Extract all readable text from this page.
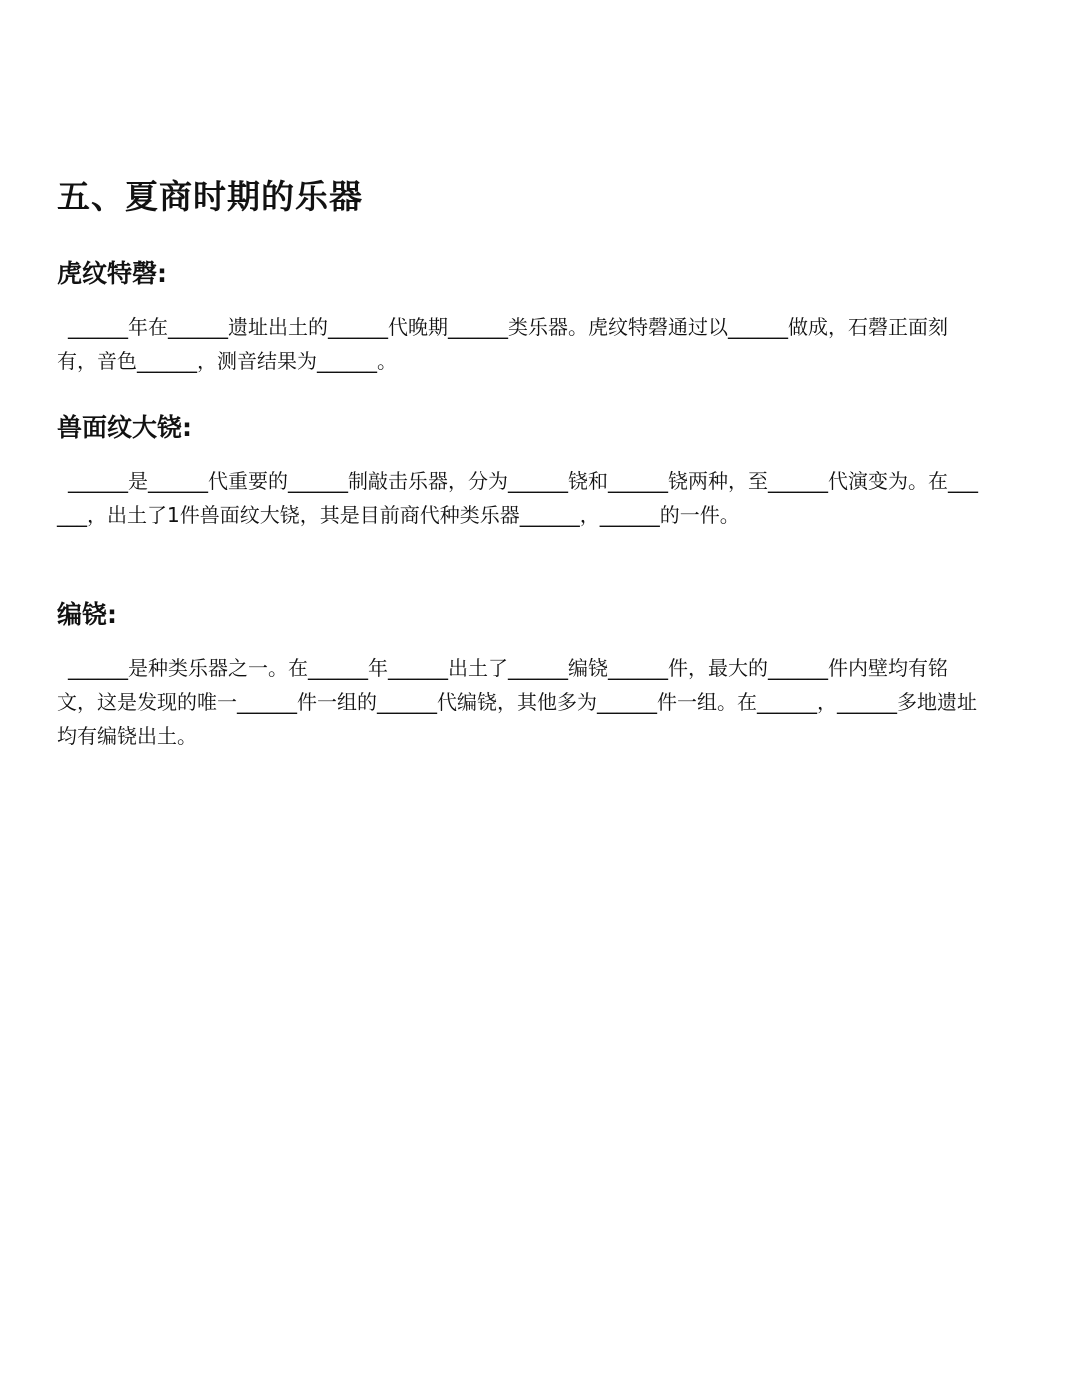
五、夏商时期的乐器
虎纹特磬:

______年在______遗址出土的______代晚期______类乐器。虎纹特磬通过以______做成，石磬正面刻有，音色______，测音结果为______。

兽面纹大铙:

______是______代重要的______制敲击乐器，分为______铙和______铙两种，至______代演变为。在______，出土了1件兽面纹大铙，其是目前商代种类乐器______，______的一件。

编铙:

______是种类乐器之一。在______年______出土了______编铙______件，最大的______件内壁均有铭文，这是发现的唯一______件一组的______代编铙，其他多为______件一组。在______，______多地遗址均有编铙出土。
